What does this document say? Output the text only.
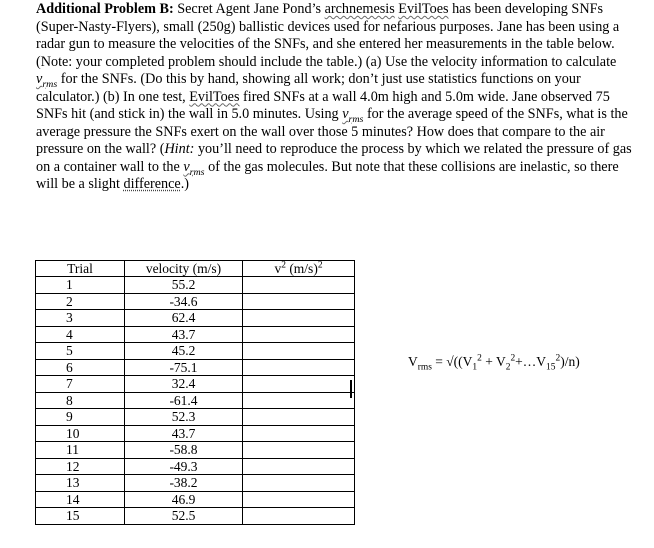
Additional Problem B: Secret Agent Jane Pond’s archnemesis EvilToes has been developing SNFs (Super-Nasty-Flyers), small (250g) ballistic devices used for nefarious purposes. Jane has been using a radar gun to measure the velocities of the SNFs, and she entered her measurements in the table below. (Note: your completed problem should include the table.) (a) Use the velocity information to calculate $v_{rms}$ for the SNFs. (Do this by hand, showing all work; don’t just use statistics functions on your calculator.) (b) In one test, EvilToes fired SNFs at a wall 4.0m high and 5.0m wide. Jane observed 75 SNFs hit (and stick in) the wall in 5.0 minutes. Using $v_{rms}$ for the average speed of the SNFs, what is the average pressure the SNFs exert on the wall over those 5 minutes? How does that compare to the air pressure on the wall? (Hint: you’ll need to reproduce the process by which we related the pressure of gas on a container wall to the $v_{rms}$ of the gas molecules. But note that these collisions are inelastic, so there will be a slight difference.)

Trial	velocity (m/s)	$v^2$ $(m/s)^2$
1	55.2	
2	-34.6	
3	62.4	
4	43.7	
5	45.2	
6	-75.1	
7	32.4	
8	-61.4	
9	52.3	
10	43.7	
11	-58.8	
12	-49.3	
13	-38.2	
14	46.9	
15	52.5	
$V_{rms} = √((V_1^2$ + $V_2^2+\dots V_{15}^2)/n$)
